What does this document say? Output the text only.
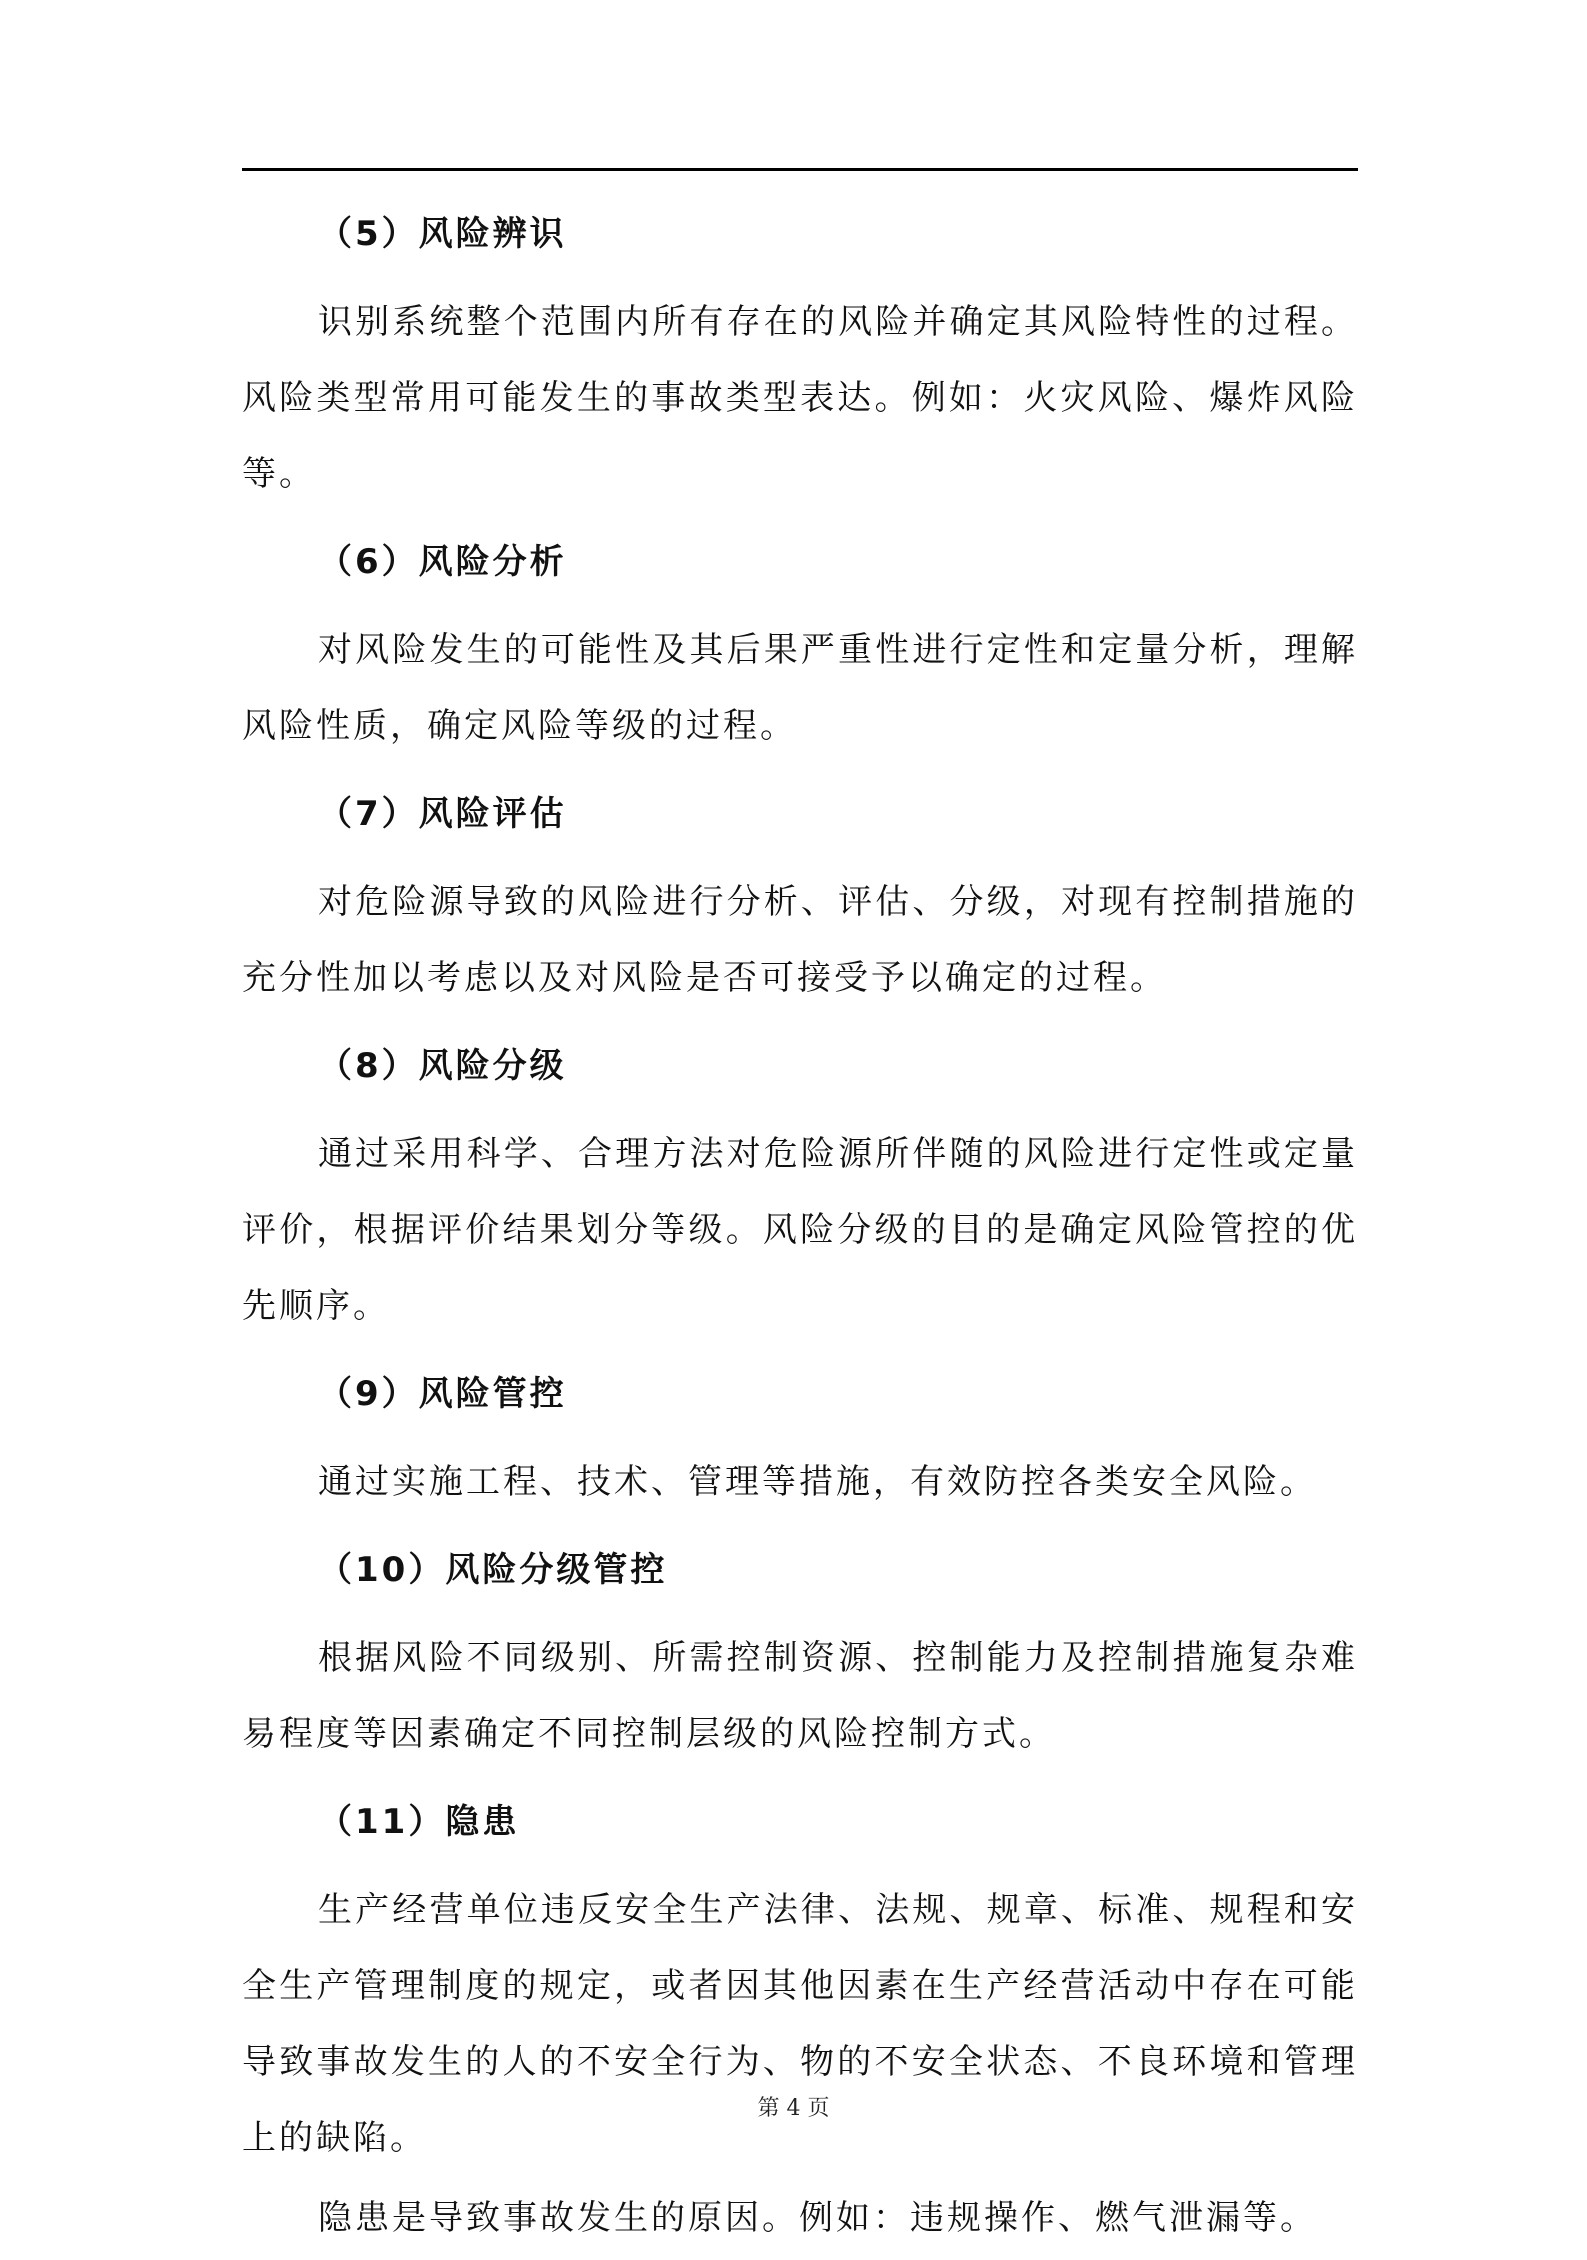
（5）风险辨识

识别系统整个范围内所有存在的风险并确定其风险特性的过程。风险类型常用可能发生的事故类型表达。例如：火灾风险、爆炸风险等。

（6）风险分析

对风险发生的可能性及其后果严重性进行定性和定量分析，理解风险性质，确定风险等级的过程。

（7）风险评估

对危险源导致的风险进行分析、评估、分级，对现有控制措施的充分性加以考虑以及对风险是否可接受予以确定的过程。

（8）风险分级

通过采用科学、合理方法对危险源所伴随的风险进行定性或定量评价，根据评价结果划分等级。风险分级的目的是确定风险管控的优先顺序。

（9）风险管控

通过实施工程、技术、管理等措施，有效防控各类安全风险。

（10）风险分级管控

根据风险不同级别、所需控制资源、控制能力及控制措施复杂难易程度等因素确定不同控制层级的风险控制方式。

（11）隐患

生产经营单位违反安全生产法律、法规、规章、标准、规程和安全生产管理制度的规定，或者因其他因素在生产经营活动中存在可能导致事故发生的人的不安全行为、物的不安全状态、不良环境和管理上的缺陷。

隐患是导致事故发生的原因。例如：违规操作、燃气泄漏等。

第 4 页
